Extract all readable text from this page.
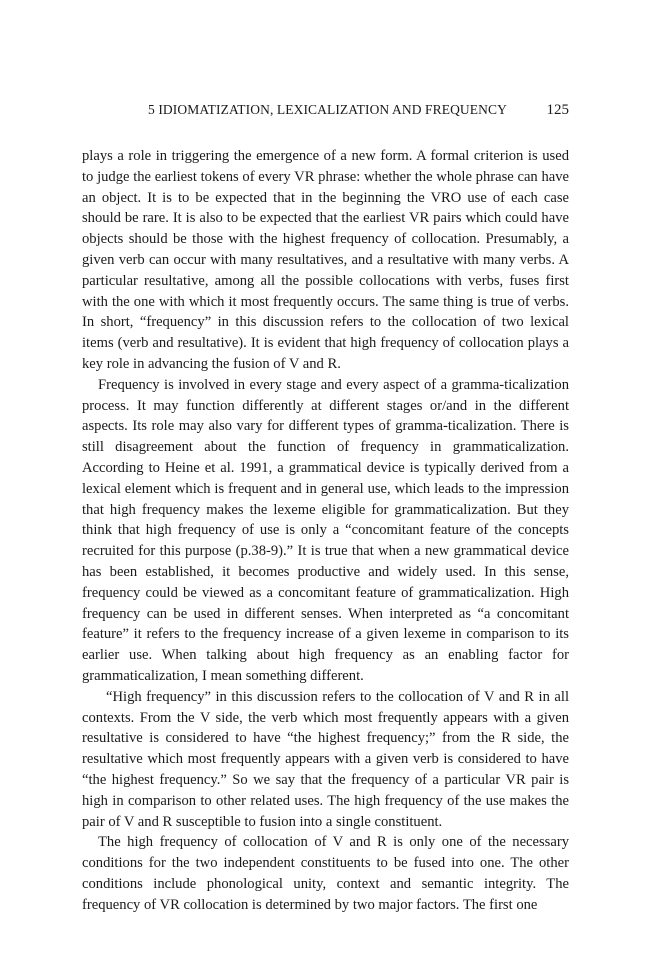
5 IDIOMATIZATION, LEXICALIZATION AND FREQUENCY	125

plays a role in triggering the emergence of a new form. A formal criterion is used to judge the earliest tokens of every VR phrase: whether the whole phrase can have an object. It is to be expected that in the beginning the VRO use of each case should be rare. It is also to be expected that the earliest VR pairs which could have objects should be those with the highest frequency of collocation. Presumably, a given verb can occur with many resultatives, and a resultative with many verbs. A particular resultative, among all the possible collocations with verbs, fuses first with the one with which it most frequently occurs. The same thing is true of verbs. In short, “frequency” in this discussion refers to the collocation of two lexical items (verb and resultative). It is evident that high frequency of collocation plays a key role in advancing the fusion of V and R.

Frequency is involved in every stage and every aspect of a gramma-ticalization process. It may function differently at different stages or/and in the different aspects. Its role may also vary for different types of gramma-ticalization. There is still disagreement about the function of frequency in grammaticalization. According to Heine et al. 1991, a grammatical device is typically derived from a lexical element which is frequent and in general use, which leads to the impression that high frequency makes the lexeme eligible for grammaticalization. But they think that high frequency of use is only a “concomitant feature of the concepts recruited for this purpose (p.38-9).” It is true that when a new grammatical device has been established, it becomes productive and widely used. In this sense, frequency could be viewed as a concomitant feature of grammaticalization. High frequency can be used in different senses. When interpreted as “a concomitant feature” it refers to the frequency increase of a given lexeme in comparison to its earlier use. When talking about high frequency as an enabling factor for grammaticalization, I mean something different.

“High frequency” in this discussion refers to the collocation of V and R in all contexts. From the V side, the verb which most frequently appears with a given resultative is considered to have “the highest frequency;” from the R side, the resultative which most frequently appears with a given verb is considered to have “the highest frequency.” So we say that the frequency of a particular VR pair is high in comparison to other related uses. The high frequency of the use makes the pair of V and R susceptible to fusion into a single constituent.

The high frequency of collocation of V and R is only one of the necessary conditions for the two independent constituents to be fused into one. The other conditions include phonological unity, context and semantic integrity. The frequency of VR collocation is determined by two major factors. The first one
